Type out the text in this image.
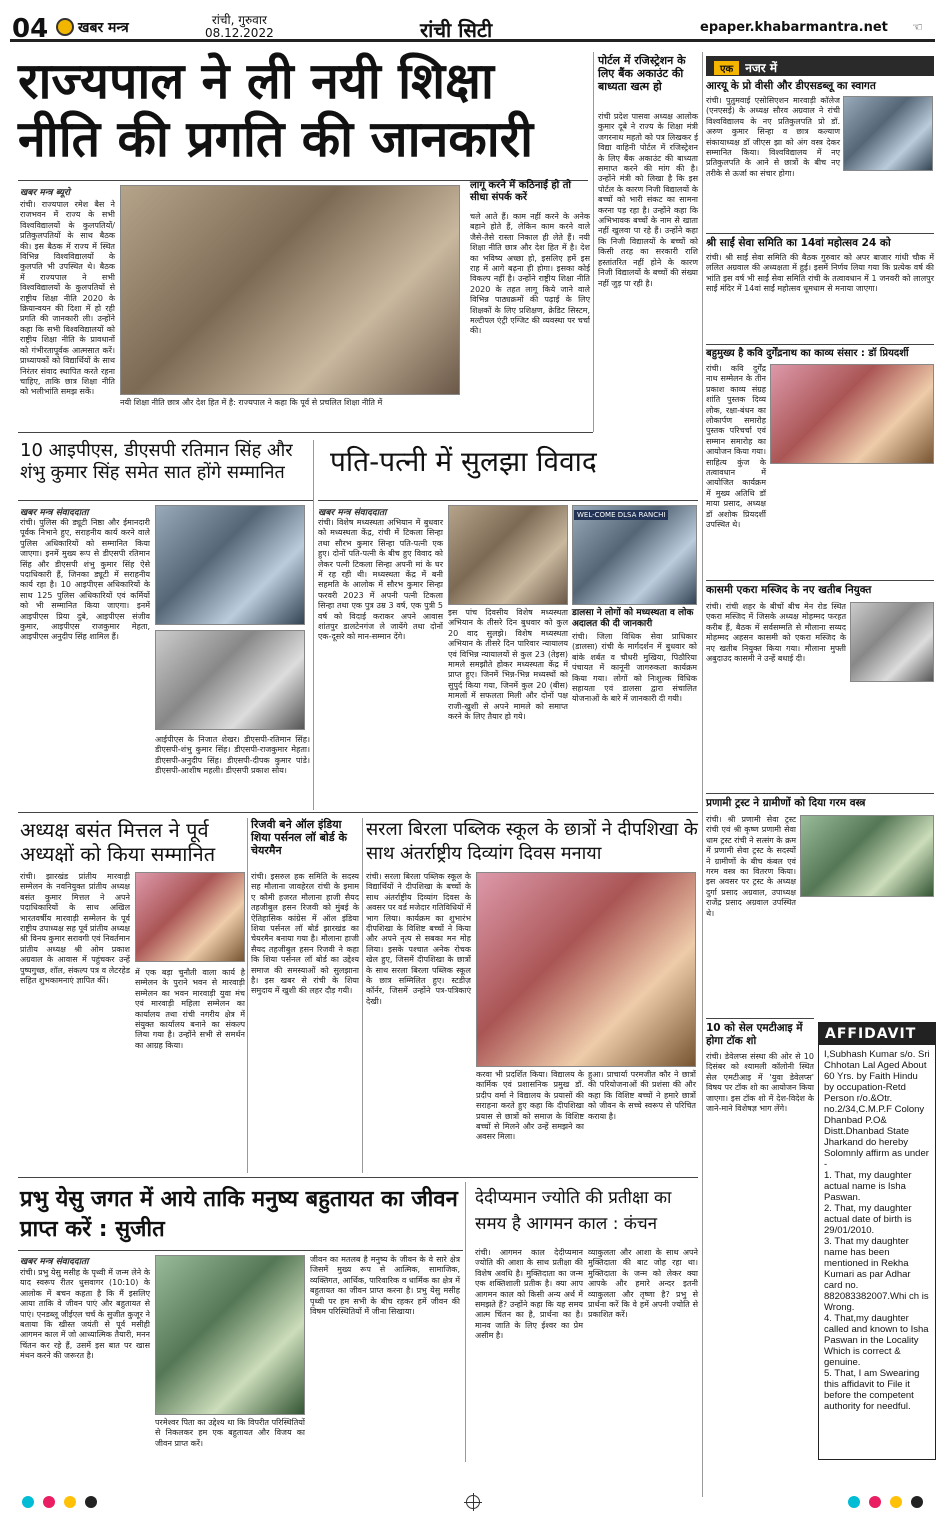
04 खबर मन्त्र	रांची, गुरुवार
08.12.2022	रांची सिटी	epaper.khabarmantra.net ☜
राज्यपाल ने ली नयी शिक्षा नीति की प्रगति की जानकारी
खबर मन्त्र ब्यूरो
रांची। राज्यपाल रमेश बैस ने राजभवन में राज्य के सभी विश्वविद्यालयों के कुलपतियों/प्रतिकुलपतियों के साथ बैठक की। इस बैठक में राज्य में स्थित विभिन्न विश्वविद्यालयों के कुलपति भी उपस्थित थे। बैठक में राज्यपाल ने सभी विश्वविद्यालयों के कुलपतियों से राष्ट्रीय शिक्षा नीति 2020 के क्रियान्वयन की दिशा में हो रही प्रगति की जानकारी ली। उन्होंने कहा कि सभी विश्वविद्यालयों को राष्ट्रीय शिक्षा नीति के प्रावधानों को गंभीरतापूर्वक आत्मसात करें। प्राध्यापकों को विद्यार्थियों के साथ निरंतर संवाद स्थापित करते रहना चाहिए, ताकि छात्र शिक्षा नीति को भलीभांति समझ सकें।
नयी शिक्षा नीति छात्र और देश हित में है: राज्यपाल ने कहा कि पूर्व से प्रचलित शिक्षा नीति में
लागू करने में कठिनाई हो तो सीधा संपर्क करें
चले आते हैं। काम नहीं करने के अनेक बहाने होते हैं, लेकिन काम करने वाले जैसे-तैसे रास्ता निकाल ही लेते हैं। नयी शिक्षा नीति छात्र और देश हित में है। देश का भविष्य अच्छा हो, इसलिए हमें इस राह में आगे बढ़ना ही होगा। इसका कोई विकल्प नहीं है। उन्होंने राष्ट्रीय शिक्षा नीति 2020 के तहत लागू किये जाने वाले विभिन्न पाठ्यक्रमों की पढ़ाई के लिए शिक्षकों के लिए प्रशिक्षण, क्रेडिट सिस्टम, मल्टीपल एंट्री एग्जिट की व्यवस्था पर चर्चा की।
पोर्टल में रजिस्ट्रेशन के लिए बैंक अकाउंट की बाध्यता खत्म हो
रांची प्रदेश पासवा अध्यक्ष आलोक कुमार दूबे ने राज्य के शिक्षा मंत्री जगरनाथ महतो को पत्र लिखकर ई विद्या वाहिनी पोर्टल में रजिस्ट्रेशन के लिए बैंक अकाउंट की बाध्यता समाप्त करने की मांग की है। उन्होंने मंत्री को लिखा है कि इस पोर्टल के कारण निजी विद्यालयों के बच्चों को भारी संकट का सामना करना पड़ रहा है। उन्होंने कहा कि अभिभावक बच्चों के नाम से खाता नहीं खुलवा पा रहे हैं। उन्होंने कहा कि निजी विद्यालयों के बच्चों को किसी तरह का सरकारी राशि हस्तांतरित नहीं होने के कारण निजी विद्यालयों के बच्चों की संख्या नहीं जुड़ पा रही है।
एक नजर में
आरयू के प्रो वीसी और डीएसडब्लू का स्वागत
रांची। पुतुमवाई एसोसिएशन मारवाड़ी कॉलेज (एनएसई) के अध्यक्ष सौरव अग्रवाल ने रांची विश्वविद्यालय के नए प्रतिकुलपति प्रो डॉ. अरुण कुमार सिन्हा व छात्र कल्याण संकायाध्यक्ष डॉ जीएस झा को अंग वस्त्र देकर सम्मानित किया। विश्वविद्यालय में नए प्रतिकुलपति के आने से छात्रों के बीच नए तरीके से ऊर्जा का संचार होगा।
श्री साईं सेवा समिति का 14वां महोत्सव 24 को
रांची। श्री साईं सेवा समिति की बैठक गुरुवार को अपर बाजार गांधी चौक में ललित अग्रवाल की अध्यक्षता में हुई। इसमें निर्णय लिया गया कि प्रत्येक वर्ष की भांति इस वर्ष भी साईं सेवा समिति रांची के तत्वावधान में 1 जनवरी को लालपुर साईं मंदिर में 14वां साईं महोत्सव धूमधाम से मनाया जाएगा।
बहुमुख्य है कवि दुर्गेंद्रनाथ का काव्य संसार : डॉ प्रियदर्शी
रांची। कवि दुर्गेंद्र नाथ सम्मेलन के तीन प्रकाश काव्य संग्रह शांति पुस्तक दिव्य लोक, रक्षा-बंधन का लोकार्पण समारोह पुस्तक परिचर्चा एवं सम्मान समारोह का आयोजन किया गया। साहित्य कुंज के तत्वावधान में आयोजित कार्यक्रम में मुख्य अतिथि डॉ माया प्रसाद, अध्यक्ष डॉ अशोक प्रियदर्शी उपस्थित थे।
कासमी एकरा मस्जिद के नए खतीब नियुक्त
रांची। रांची शहर के बीचों बीच मेन रोड स्थित एकरा मस्जिद में जिसके अध्यक्ष मोहम्मद फरहत करीब हैं, बैठक में सर्वसम्मति से मौलाना सय्यद मोहम्मद अहसन कासमी को एकरा मस्जिद के नए खतीब नियुक्त किया गया। मौलाना मुफ्ती अबुदाउद कासमी ने उन्हें बधाई दी।
प्रणामी ट्रस्ट ने ग्रामीणों को दिया गरम वस्त्र
रांची। श्री प्रणामी सेवा ट्रस्ट रांची एवं श्री कृष्ण प्रणामी सेवा धाम ट्रस्ट रांची ने सत्संग के क्रम में प्रणामी सेवा ट्रस्ट के सदस्यों ने ग्रामीणों के बीच कंबल एवं गरम वस्त्र का वितरण किया। इस अवसर पर ट्रस्ट के अध्यक्ष दुर्गा प्रसाद अग्रवाल, उपाध्यक्ष राजेंद्र प्रसाद अग्रवाल उपस्थित थे।
10 को सेल एमटीआइ में होगा टॉक शो
रांची। डेवेलप्स संस्था की ओर से 10 दिसंबर को श्यामली कॉलोनी स्थित सेल एमटीआइ में 'युवा डेवेलप्स' विषय पर टॉक शो का आयोजन किया जाएगा। इस टॉक शो में देश-विदेश के जाने-माने विशेषज्ञ भाग लेंगे।
AFFIDAVIT
I,Subhash Kumar s/o. Sri Chhotan Lal Aged About 60 Yrs. by Faith Hindu by occupation-Retd Person r/o.&Otr. no.2/34,C.M.P.F Colony Dhanbad P.O& Distt.Dhanbad State Jharkand do hereby Solomnly affirm as under -
1. That, my daughter actual name is Isha Paswan.
2. That, my daughter actual date of birth is 29/01/2010.
3. That my daughter name has been mentioned in Rekha Kumari as par Adhar card no. 882083382007.Whi ch is Wrong.
4. That,my daughter called and known to Isha Paswan in the Locality Which is correct & genuine.
5. That, I am Swearing this affidavit to File it before the competent authority for needful.
10 आइपीएस, डीएसपी रतिमान सिंह और शंभु कुमार सिंह समेत सात होंगे सम्मानित
खबर मन्त्र संवाददाता
रांची। पुलिस की ड्यूटी निष्ठा और ईमानदारी पूर्वक निभाने हुए, सराहनीय कार्य करने वाले पुलिस अधिकारियों को सम्मानित किया जाएगा। इनमें मुख्य रूप से डीएसपी रतिमान सिंह और डीएसपी शंभु कुमार सिंह ऐसे पदाधिकारी हैं, जिनका ड्यूटी में सराहनीय कार्य रहा है। 10 आइपीएस अधिकारियों के साथ 125 पुलिस अधिकारियों एवं कर्मियों को भी सम्मानित किया जाएगा। इनमें आइपीएस प्रिया दुबे, आइपीएस संजीव कुमार, आइपीएस राजकुमार मेहता, आइपीएस अनुदीप सिंह शामिल हैं।
आईपीएस के निजात शेखर। डीएसपी-रतिमान सिंह। डीएसपी-शंभु कुमार सिंह। डीएसपी-राजकुमार मेहता। डीएसपी-अनुदीप सिंह। डीएसपी-दीपक कुमार पांडे। डीएसपी-आशीष महली। डीएसपी प्रकाश सोय।
पति-पत्नी में सुलझा विवाद
खबर मन्त्र संवाददाता
रांची। विशेष मध्यस्थता अभियान में बुधवार को मध्यस्थता केंद्र, रांची में टिकला सिन्हा तथा सौरभ कुमार सिन्हा पति-पत्नी एक हुए। दोनों पति-पत्नी के बीच हुए विवाद को लेकर पत्नी टिकला सिन्हा अपनी मां के घर में रह रही थी। मध्यस्थता केंद्र में बनी सहमति के आलोक में सौरभ कुमार सिन्हा फरवरी 2023 में अपनी पत्नी टिकला सिन्हा तथा एक पुत्र उम्र 3 वर्ष, एक पुत्री 5 वर्ष को विदाई कराकर अपने आवास शांतपुर डालटेनगंज ले जायेंगे तथा दोनों एक-दूसरे को मान-सम्मान देंगे।
WEL-COME DLSA RANCHI
इस पांच दिवसीय विशेष मध्यस्थता अभियान के तीसरे दिन बुधवार को कुल 20 वाद सुलझे। विशेष मध्यस्थता अभियान के तीसरे दिन पारिवार न्यायालय एवं विभिन्न न्यायालयों से कुल 23 (तेइस) मामले समझौते होकर मध्यस्थता केंद्र में प्राप्त हुए। जिनमें भिन्न-भिन्न मध्यस्थों को सुपुर्द किया गया, जिनमें कुल 20 (बीस) मामलों में सफलता मिली और दोनों पक्ष राजी-खुशी से अपने मामले को समाप्त करने के लिए तैयार हो गये।
डालसा ने लोगों को मध्यस्थता व लोक अदालत की दी जानकारी
रांची। जिला विधिक सेवा प्राधिकार (डालसा) रांची के मार्गदर्शन में बुधवार को बांके शर्बत व चौधरी मुखिया, पिठौरिया पंचायत में कानूनी जागरुकता कार्यक्रम किया गया। लोगों को निःशुल्क विधिक सहायता एवं डालसा द्वारा संचालित योजनाओं के बारे में जानकारी दी गयी।
अध्यक्ष बसंत मित्तल ने पूर्व अध्यक्षों को किया सम्मानित
रांची। झारखंड प्रांतीय मारवाड़ी सम्मेलन के नवनियुक्त प्रांतीय अध्यक्ष बसंत कुमार मित्तल ने अपने पदाधिकारियों के साथ अखिल भारतवर्षीय मारवाड़ी सम्मेलन के पूर्व राष्ट्रीय उपाध्यक्ष सह पूर्व प्रांतीय अध्यक्ष श्री विनय कुमार सरावगी एवं निवर्तमान प्रांतीय अध्यक्ष श्री ओम प्रकाश अग्रवाल के आवास में पहुंचकर उन्हें पुष्पगुच्छ, शॉल, संकल्प पत्र व लेटरहेड सहित शुभकामनाएं ज्ञापित कीं।
में एक बड़ा चुनौती वाला कार्य है सम्मेलन के पुराने भवन से मारवाड़ी सम्मेलन का भवन मारवाड़ी युवा मंच एवं मारवाड़ी महिला सम्मेलन का कार्यालय तथा रांची नगरीय क्षेत्र में संयुक्त कार्यालय बनाने का संकल्प लिया गया है। उन्होंने सभी से समर्थन का आग्रह किया।
रिजवी बने ऑल इंडिया शिया पर्सनल लॉ बोर्ड के चेयरमैन
रांची। इसरुल हक समिति के सदस्य सह मौलाना जावहेरल रांची के इमाम ए कौमी हजरत मौलाना हाजी सैयद तहजीबुल हसन रिजवी को मुंबई के ऐतिहासिक कांग्रेस में ऑल इंडिया शिया पर्सनल लॉ बोर्ड झारखंड का चेयरमैन बनाया गया है। मौलाना हाजी सैयद तहजीबुल हसन रिजवी ने कहा कि शिया पर्सनल लॉ बोर्ड का उद्देश्य समाज की समस्याओं को सुलझाना है। इस खबर से रांची के शिया समुदाय में खुशी की लहर दौड़ गयी।
सरला बिरला पब्लिक स्कूल के छात्रों ने दीपशिखा के साथ अंतर्राष्ट्रीय दिव्यांग दिवस मनाया
रांची। सरला बिरला पब्लिक स्कूल के विद्यार्थियों ने दीपशिखा के बच्चों के साथ अंतर्राष्ट्रीय दिव्यांग दिवस के अवसर पर वर्ड मजेदार गतिविधियों में भाग लिया। कार्यक्रम का शुभारंभ दीपशिखा के विशिष्ट बच्चों ने किया और अपने नृत्य से सबका मन मोह लिया। इसके पश्चात अनेक रोचक खेल हुए, जिसमें दीपशिखा के छात्रों के साथ सरला बिरला पब्लिक स्कूल के छात्र सम्मिलित हुए। स्टडीज़ कॉर्नर, जिसमें उन्होंने पत्र-पत्रिकाएं देखी।
करवा भी प्रदर्शित किया। विद्यालय के कार्मिक एवं प्रशासनिक प्रमुख डॉ. प्रदीप वर्मा ने विद्यालय के प्रयासों की सराहना करते हुए कहा कि दीपशिखा प्रयास से छात्रों को समाज के विशिष्ट बच्चों से मिलने और उन्हें समझने का अवसर मिला।
हुआ। प्राचार्या परमजीत कौर ने छात्रों की परियोजनाओं की प्रशंसा की और कहा कि विशिष्ट बच्चों ने हमारे छात्रों को जीवन के सच्चे स्वरूप से परिचित कराया है।
प्रभु येसु जगत में आये ताकि मनुष्य बहुतायत का जीवन प्राप्त करें : सुजीत
खबर मन्त्र संवाददाता
रांची। प्रभु येसु मसीह के पृथ्वी में जन्म लेने के याद स्वरूप रीतर धुसवागर (10:10) के आलोक में बचन कहता है कि मैं इसलिए आया ताकि वे जीवन पाएं और बहुतायत से पाएं। एनडब्लू जीईएल चर्च के सुजीत कुजूर ने बताया कि खीस्त जयंती से पूर्व मसीही आगमन काल में जो आध्यात्मिक तैयारी, मनन चिंतन कर रहे हैं, उसमें इस बात पर खास मंथन करने की जरूरत है।
परमेश्वर पिता का उद्देश्य था कि विपरीत परिस्थितियों से निकलकर हम एक बहुतायत और विजय का जीवन प्राप्त करें।
जीवन का मतलब है मनुष्य के जीवन के वे सारे क्षेत्र जिसमें मुख्य रूप से आत्मिक, सामाजिक, व्यक्तिगत, आर्थिक, पारिवारिक व धार्मिक का क्षेत्र में बहुतायत का जीवन प्राप्त करना है। प्रभु येसु मसीह पृथ्वी पर हम सभी के बीच रहकर हमें जीवन की विषम परिस्थितियों में जीना सिखाया।
देदीप्यमान ज्योति की प्रतीक्षा का समय है आगमन काल : कंचन
रांची। आगमन काल देदीप्यमान ज्योति की आशा के साथ प्रतीक्षा की विशेष अवधि है। मुक्तिदाता का जन्म एक शक्तिशाली प्रतीक है। क्या आप आगमन काल को किसी अन्य अर्थ में समझते हैं? उन्होंने कहा कि यह समय आत्म चिंतन का है, प्रार्थना का है। मानव जाति के लिए ईश्वर का प्रेम असीम है।
व्याकुलता और आशा के साथ अपने मुक्तिदाता की बाट जोह रहा था। मुक्तिदाता के जन्म को लेकर क्या आपके और हमारे अन्दर इतनी व्याकुलता और तृष्णा है? प्रभु से प्रार्थना करें कि वे हमें अपनी ज्योति से प्रकाशित करें।
